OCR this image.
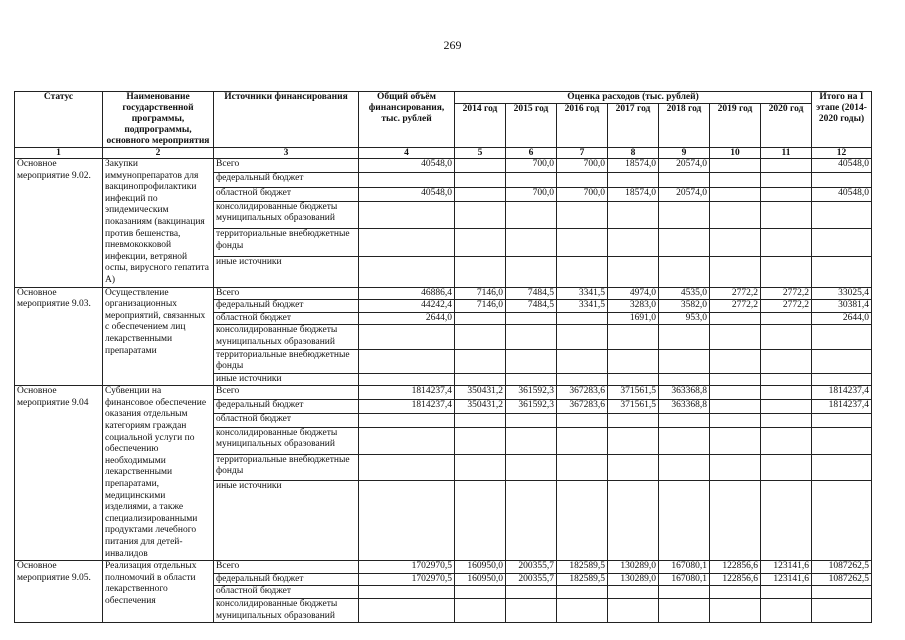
269
Статус	Наименование государственной программы, подпрограммы, основного мероприятия	Источники финансирования	Общий объём финансирования, тыс. рублей	Оценка расходов (тыс. рублей)							Итого на I этапе (2014-2020 годы)
				2014 год	2015 год	2016 год	2017 год	2018 год	2019 год	2020 год	
1	2	3	4	5	6	7	8	9	10	11	12
Основное мероприятие 9.02.	Закупки иммунопрепаратов для вакцинопрофилактики инфекций по эпидемическим показаниям (вакцинация против бешенства, пневмококковой инфекции, ветряной оспы, вирусного гепатита А)	Всего	40548,0		700,0	700,0	18574,0	20574,0			40548,0
		федеральный бюджет									
		областной бюджет	40548,0		700,0	700,0	18574,0	20574,0			40548,0
		консолидированные бюджеты муниципальных образований									
		территориальные внебюджетные фонды									
		иные источники									
Основное мероприятие 9.03.	Осуществление организационных мероприятий, связанных с обеспечением лиц лекарственными препаратами	Всего	46886,4	7146,0	7484,5	3341,5	4974,0	4535,0	2772,2	2772,2	33025,4
		федеральный бюджет	44242,4	7146,0	7484,5	3341,5	3283,0	3582,0	2772,2	2772,2	30381,4
		областной бюджет	2644,0				1691,0	953,0			2644,0
		консолидированные бюджеты муниципальных образований									
		территориальные внебюджетные фонды									
		иные источники									
Основное мероприятие 9.04	Субвенции на финансовое обеспечение оказания отдельным категориям граждан социальной услуги по обеспечению необходимыми лекарственными препаратами, медицинскими изделиями, а также специализированными продуктами лечебного питания для детей-инвалидов	Всего	1814237,4	350431,2	361592,3	367283,6	371561,5	363368,8			1814237,4
		федеральный бюджет	1814237,4	350431,2	361592,3	367283,6	371561,5	363368,8			1814237,4
		областной бюджет									
		консолидированные бюджеты муниципальных образований									
		территориальные внебюджетные фонды									
		иные источники									
Основное мероприятие 9.05.	Реализация отдельных полномочий в области лекарственного обеспечения	Всего	1702970,5	160950,0	200355,7	182589,5	130289,0	167080,1	122856,6	123141,6	1087262,5
		федеральный бюджет	1702970,5	160950,0	200355,7	182589,5	130289,0	167080,1	122856,6	123141,6	1087262,5
		областной бюджет									
		консолидированные бюджеты муниципальных образований									
